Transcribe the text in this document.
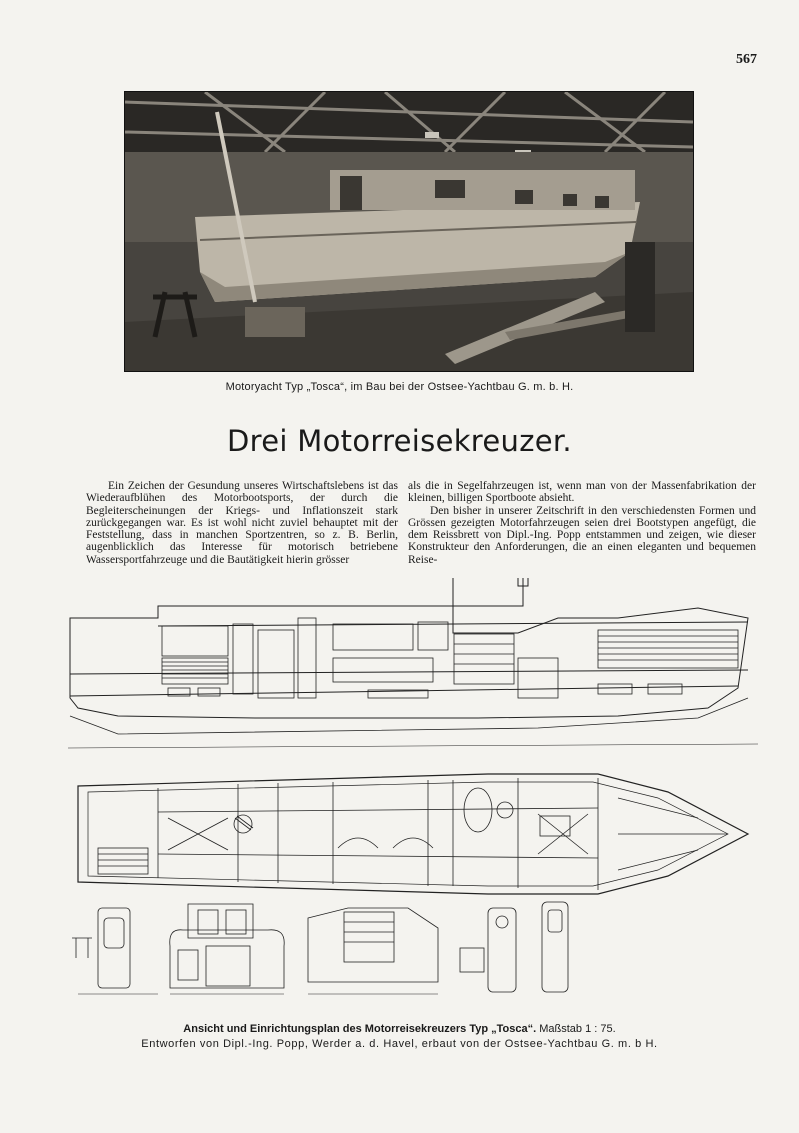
567
Motoryacht Typ „Tosca“, im Bau bei der Ostsee-Yachtbau G. m. b. H.
Drei Motorreisekreuzer.

Ein Zeichen der Gesundung unseres Wirtschaftslebens ist das Wiederaufblühen des Motorbootsports, der durch die Begleiterscheinungen der Kriegs- und Inflationszeit stark zurückgegangen war. Es ist wohl nicht zuviel behauptet mit der Feststellung, dass in manchen Sportzentren, so z. B. Berlin, augenblicklich das Interesse für motorisch betriebene Wassersportfahrzeuge und die Bautätigkeit hierin grösser

als die in Segelfahrzeugen ist, wenn man von der Massenfabrikation der kleinen, billigen Sportboote absieht.

Den bisher in unserer Zeitschrift in den verschiedensten Formen und Grössen gezeigten Motorfahrzeugen seien drei Bootstypen angefügt, die dem Reissbrett von Dipl.-Ing. Popp entstammen und zeigen, wie dieser Konstrukteur den Anforderungen, die an einen eleganten und bequemen Reise-

Ansicht und Einrichtungsplan des Motorreisekreuzers Typ „Tosca“. Maßstab 1 : 75.
Entworfen von Dipl.-Ing. Popp, Werder a. d. Havel, erbaut von der Ostsee-Yachtbau G. m. b H.
